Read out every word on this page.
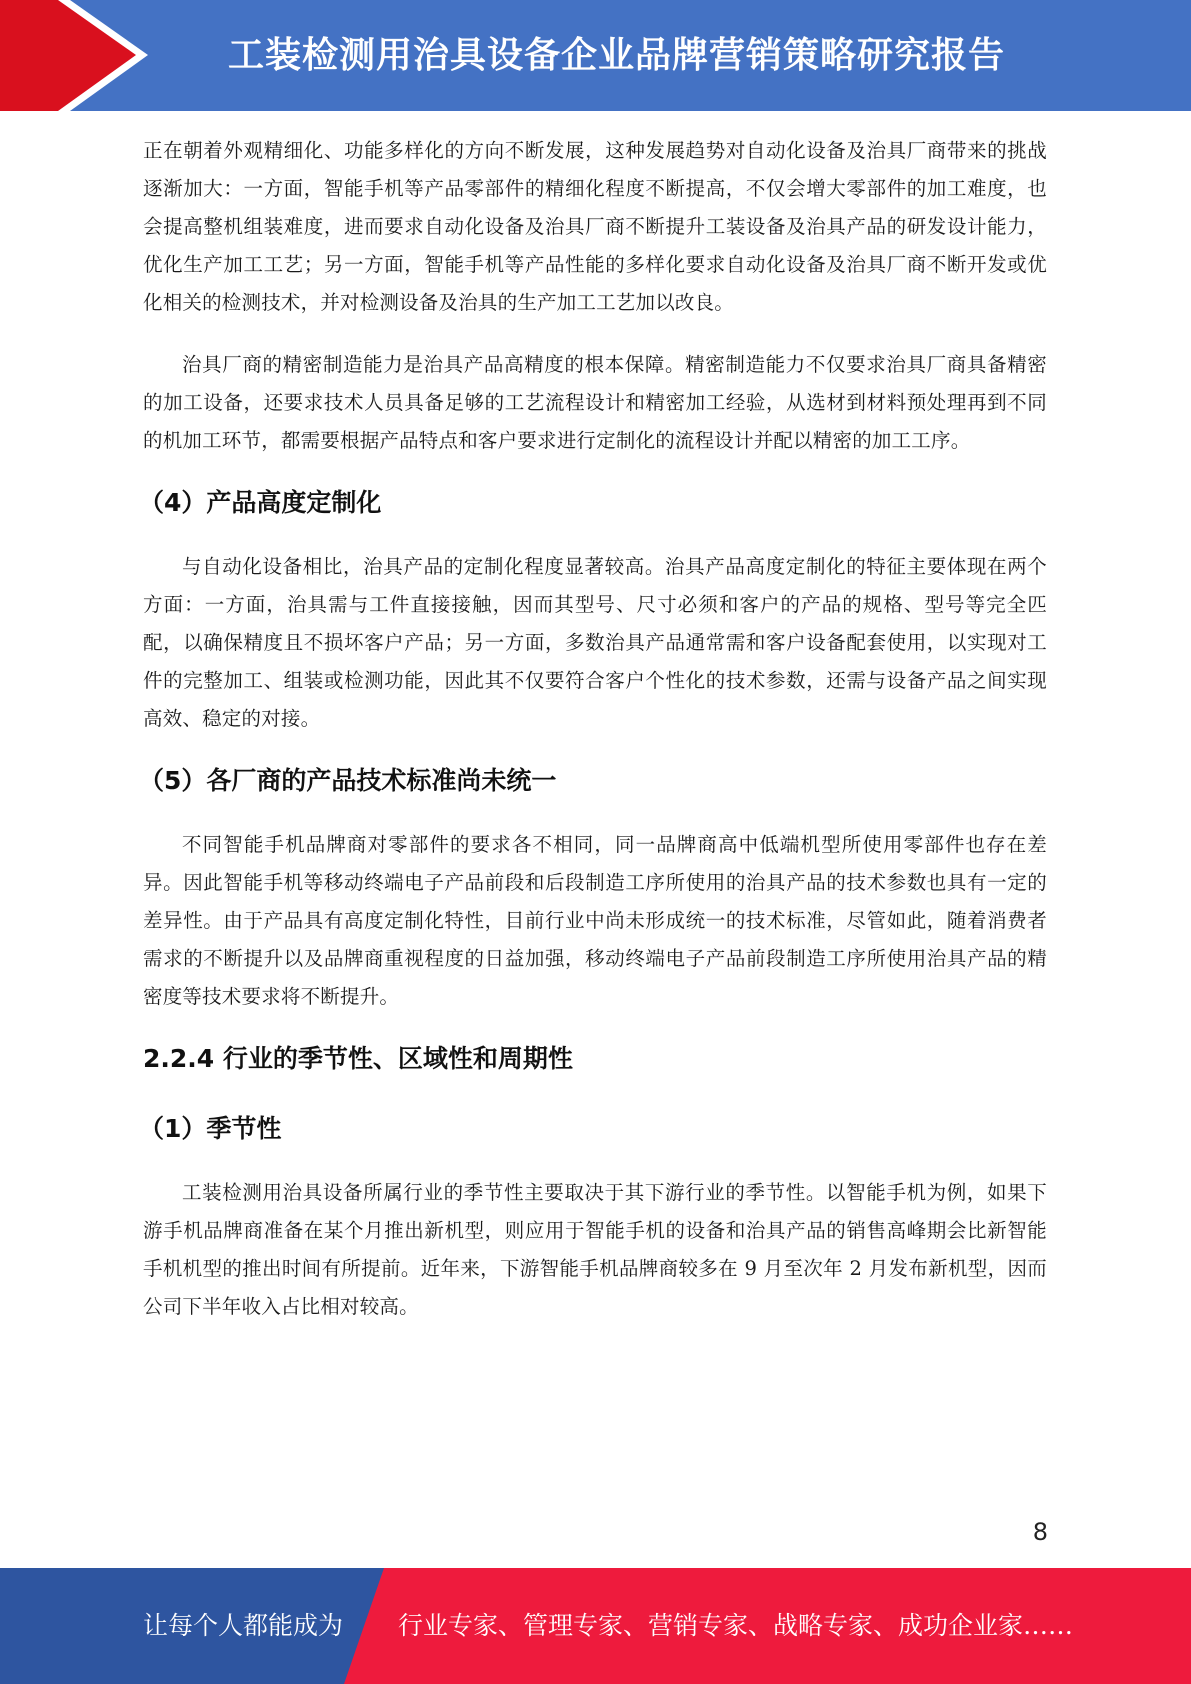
工装检测用治具设备企业品牌营销策略研究报告

正在朝着外观精细化、功能多样化的方向不断发展，这种发展趋势对自动化设备及治具厂商带来的挑战逐渐加大：一方面，智能手机等产品零部件的精细化程度不断提高，不仅会增大零部件的加工难度，也会提高整机组装难度，进而要求自动化设备及治具厂商不断提升工装设备及治具产品的研发设计能力，优化生产加工工艺；另一方面，智能手机等产品性能的多样化要求自动化设备及治具厂商不断开发或优化相关的检测技术，并对检测设备及治具的生产加工工艺加以改良。

治具厂商的精密制造能力是治具产品高精度的根本保障。精密制造能力不仅要求治具厂商具备精密的加工设备，还要求技术人员具备足够的工艺流程设计和精密加工经验，从选材到材料预处理再到不同的机加工环节，都需要根据产品特点和客户要求进行定制化的流程设计并配以精密的加工工序。

（4）产品高度定制化

与自动化设备相比，治具产品的定制化程度显著较高。治具产品高度定制化的特征主要体现在两个方面：一方面，治具需与工件直接接触，因而其型号、尺寸必须和客户的产品的规格、型号等完全匹配，以确保精度且不损坏客户产品；另一方面，多数治具产品通常需和客户设备配套使用，以实现对工件的完整加工、组装或检测功能，因此其不仅要符合客户个性化的技术参数，还需与设备产品之间实现高效、稳定的对接。

（5）各厂商的产品技术标准尚未统一

不同智能手机品牌商对零部件的要求各不相同，同一品牌商高中低端机型所使用零部件也存在差异。因此智能手机等移动终端电子产品前段和后段制造工序所使用的治具产品的技术参数也具有一定的差异性。由于产品具有高度定制化特性，目前行业中尚未形成统一的技术标准，尽管如此，随着消费者需求的不断提升以及品牌商重视程度的日益加强，移动终端电子产品前段制造工序所使用治具产品的精密度等技术要求将不断提升。

2.2.4 行业的季节性、区域性和周期性
（1）季节性

工装检测用治具设备所属行业的季节性主要取决于其下游行业的季节性。以智能手机为例，如果下游手机品牌商准备在某个月推出新机型，则应用于智能手机的设备和治具产品的销售高峰期会比新智能手机机型的推出时间有所提前。近年来，下游智能手机品牌商较多在 9 月至次年 2 月发布新机型，因而公司下半年收入占比相对较高。

8
让每个人都能成为 行业专家、管理专家、营销专家、战略专家、成功企业家……
